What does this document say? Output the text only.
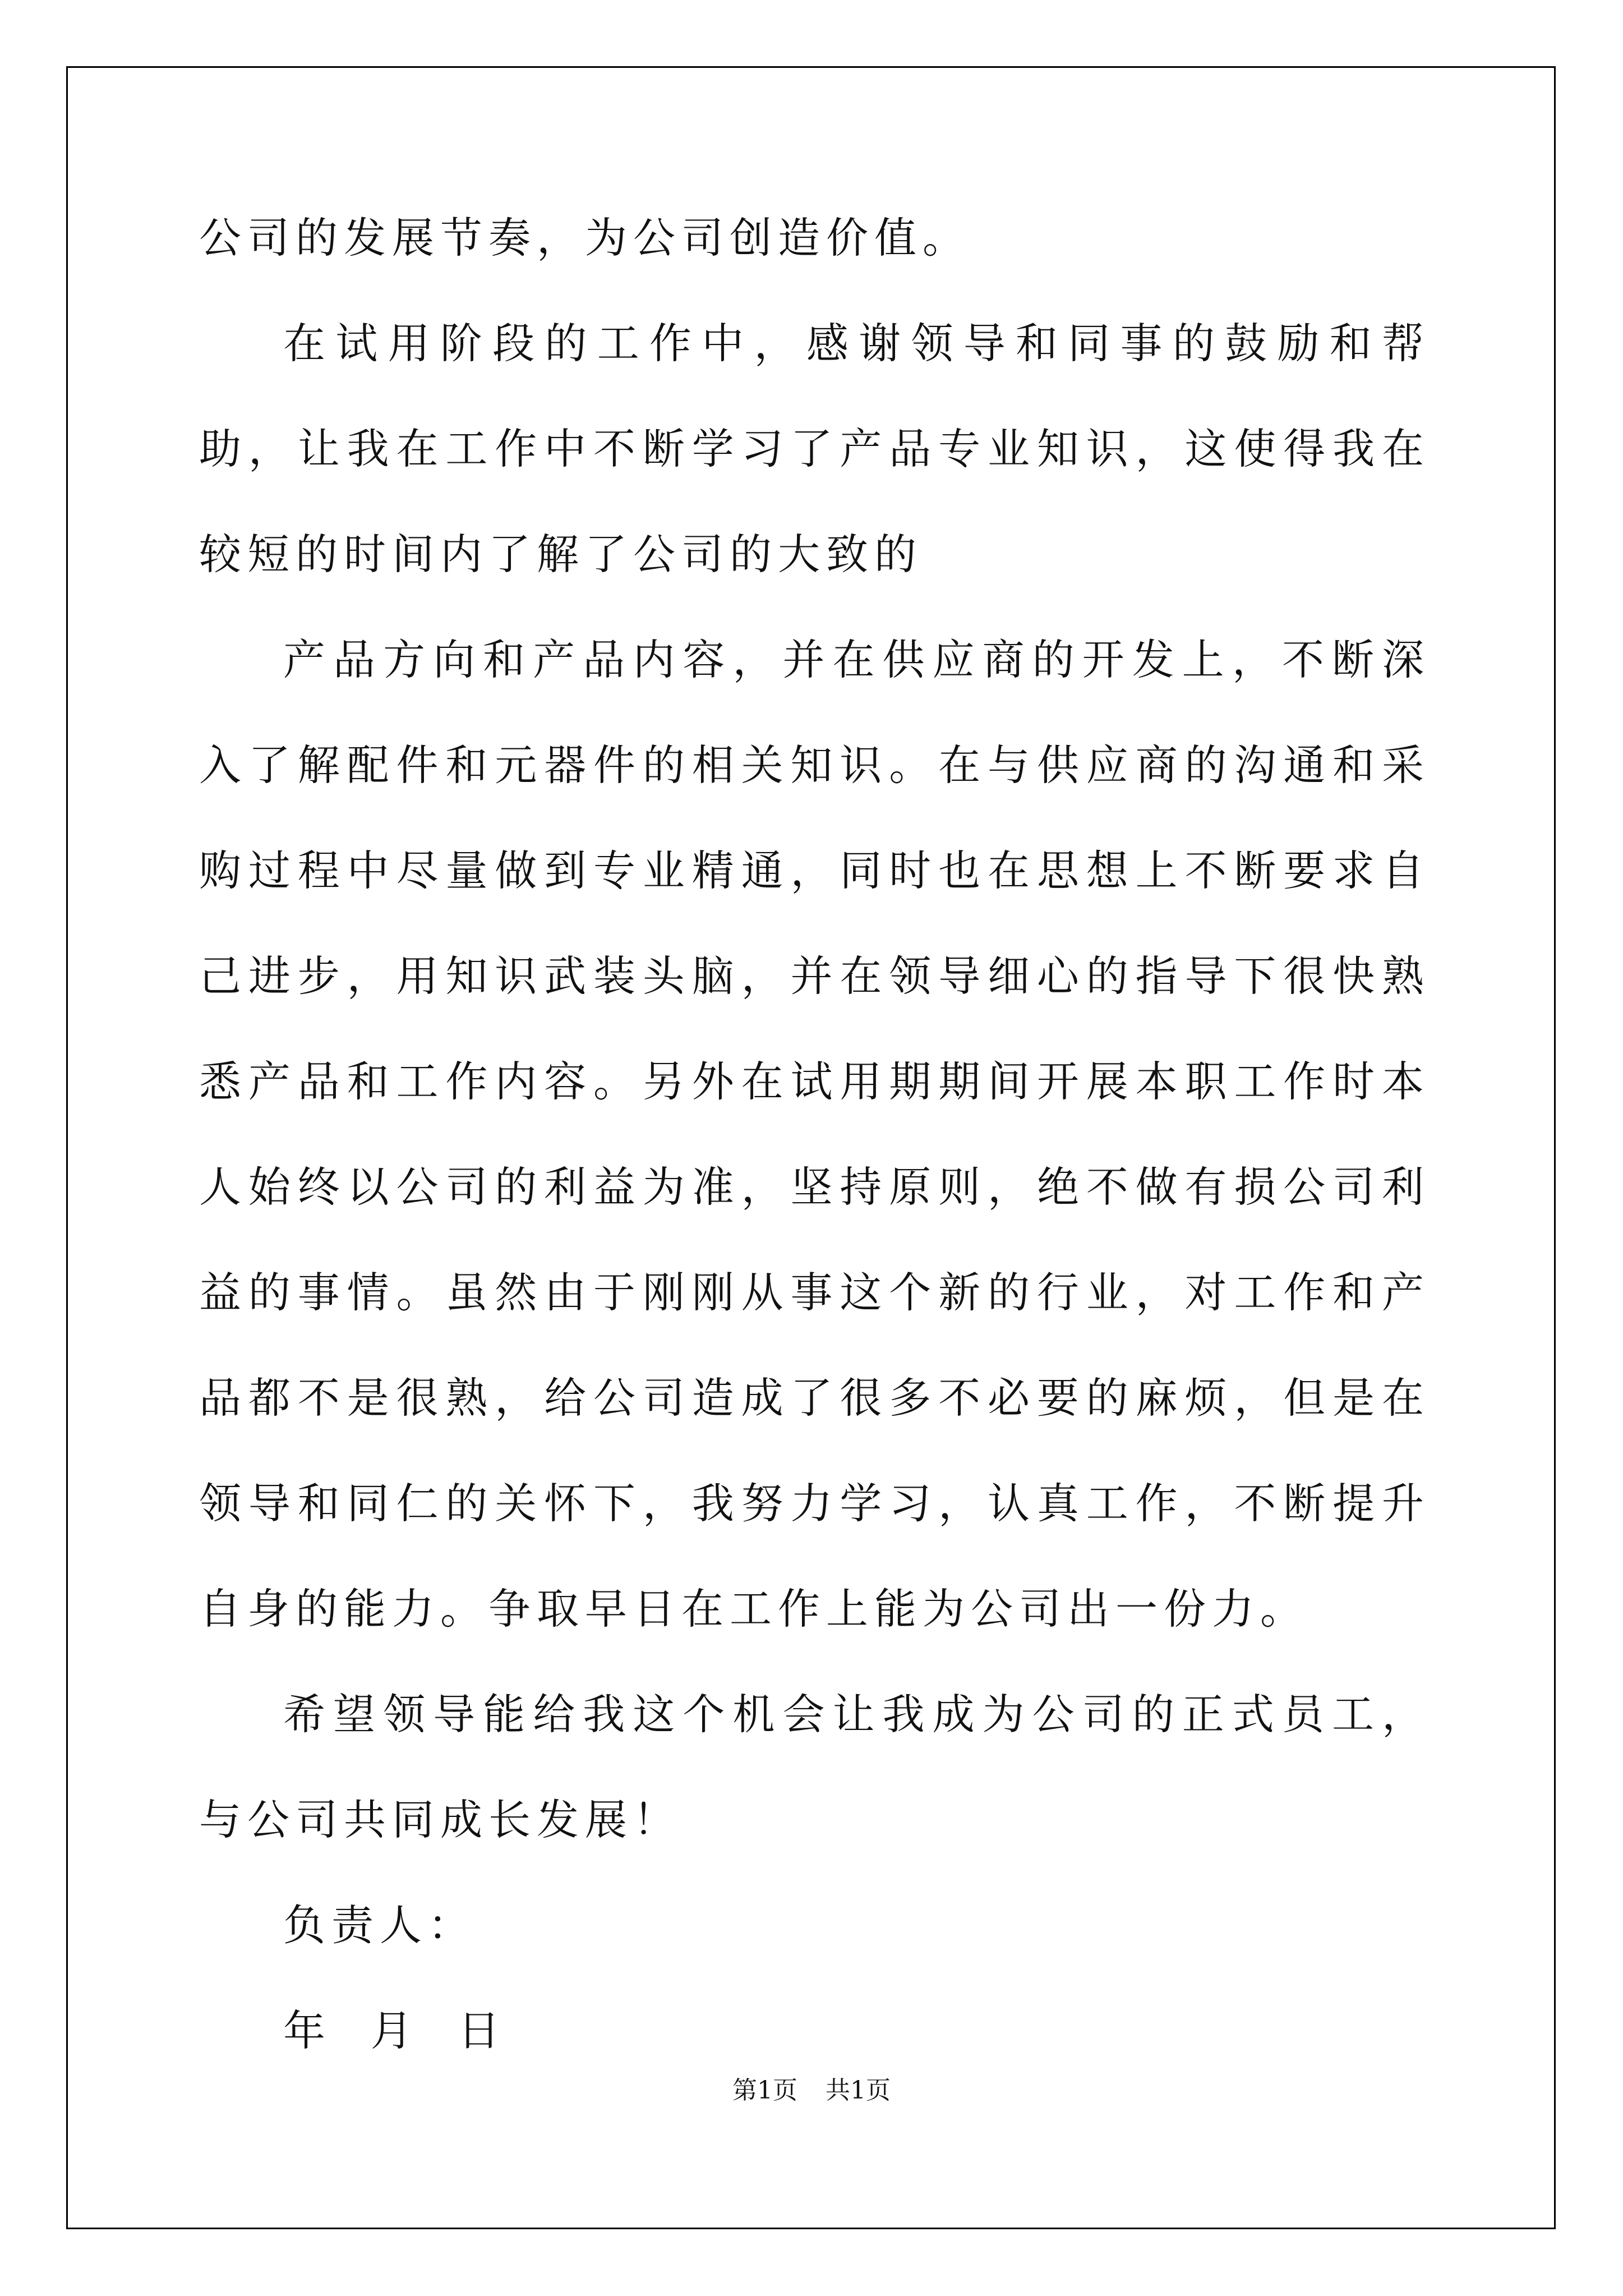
公司的发展节奏，为公司创造价值。

在试用阶段的工作中，感谢领导和同事的鼓励和帮助，让我在工作中不断学习了产品专业知识，这使得我在较短的时间内了解了公司的大致的

产品方向和产品内容，并在供应商的开发上，不断深入了解配件和元器件的相关知识。在与供应商的沟通和采购过程中尽量做到专业精通，同时也在思想上不断要求自己进步，用知识武装头脑，并在领导细心的指导下很快熟悉产品和工作内容。另外在试用期期间开展本职工作时本人始终以公司的利益为准，坚持原则，绝不做有损公司利益的事情。虽然由于刚刚从事这个新的行业，对工作和产品都不是很熟，给公司造成了很多不必要的麻烦，但是在领导和同仁的关怀下，我努力学习，认真工作，不断提升自身的能力。争取早日在工作上能为公司出一份力。

希望领导能给我这个机会让我成为公司的正式员工，与公司共同成长发展！

负责人：

年  月  日

第1页 共1页
